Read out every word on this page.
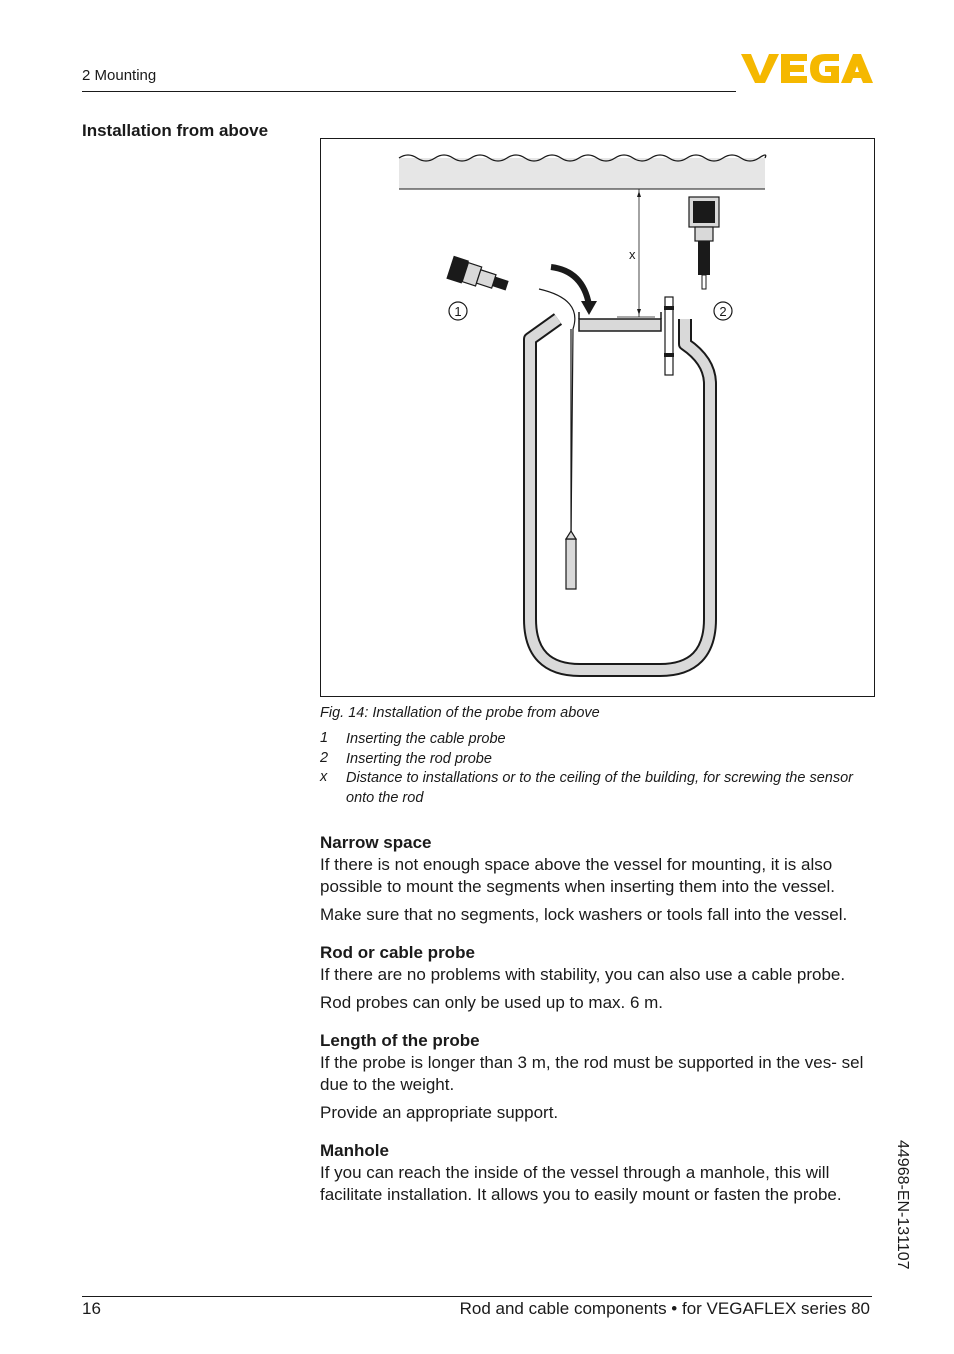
2 Mounting
Installation from above
x
1	2
Fig. 14: Installation of the probe from above
1 Inserting the cable probe
2 Inserting the rod probe
x Distance to installations or to the ceiling of the building, for screwing the sensor onto the rod
Narrow space
If there is not enough space above the vessel for mounting, it is also possible to mount the segments when inserting them into the vessel.
Make sure that no segments, lock washers or tools fall into the vessel.
Rod or cable probe
If there are no problems with stability, you can also use a cable probe.
Rod probes can only be used up to max. 6 m.
Length of the probe
If the probe is longer than 3 m, the rod must be supported in the ves- sel due to the weight.
Provide an appropriate support.
Manhole
If you can reach the inside of the vessel through a manhole, this will facilitate installation. It allows you to easily mount or fasten the probe.	44968-EN-131107
16	Rod and cable components • for VEGAFLEX series 80
